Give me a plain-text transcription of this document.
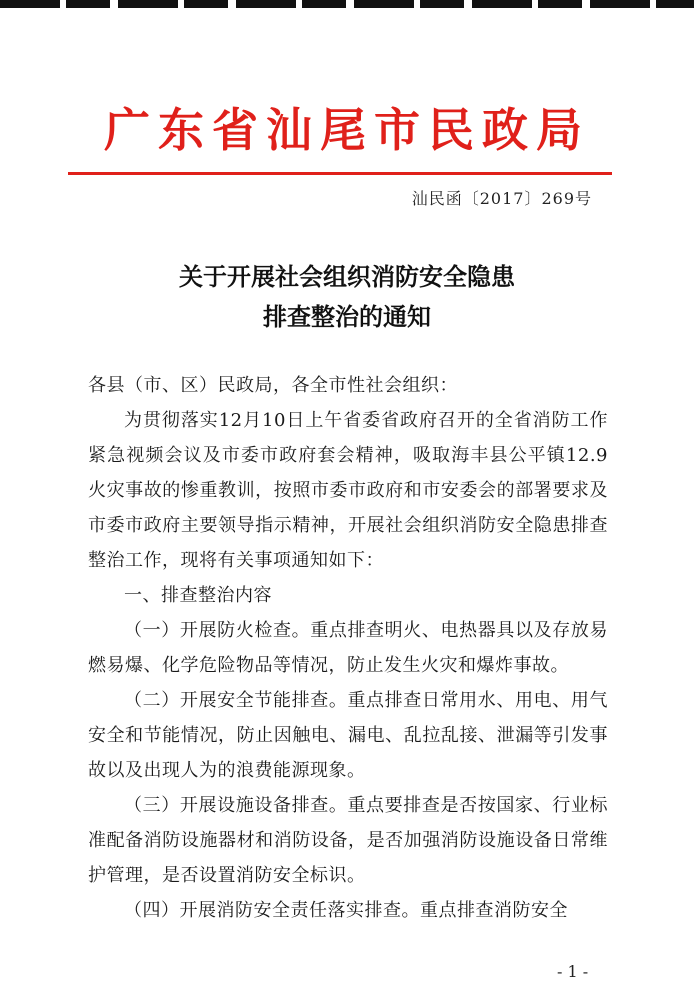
广东省汕尾市民政局
汕民函〔2017〕269号
关于开展社会组织消防安全隐患
排查整治的通知

各县（市、区）民政局，各全市性社会组织：

为贯彻落实12月10日上午省委省政府召开的全省消防工作紧急视频会议及市委市政府套会精神，吸取海丰县公平镇12.9火灾事故的惨重教训，按照市委市政府和市安委会的部署要求及市委市政府主要领导指示精神，开展社会组织消防安全隐患排查整治工作，现将有关事项通知如下：

一、排查整治内容

（一）开展防火检查。重点排查明火、电热器具以及存放易燃易爆、化学危险物品等情况，防止发生火灾和爆炸事故。

（二）开展安全节能排查。重点排查日常用水、用电、用气安全和节能情况，防止因触电、漏电、乱拉乱接、泄漏等引发事故以及出现人为的浪费能源现象。

（三）开展设施设备排查。重点要排查是否按国家、行业标准配备消防设施器材和消防设备，是否加强消防设施设备日常维护管理，是否设置消防安全标识。

（四）开展消防安全责任落实排查。重点排查消防安全

- 1 -
